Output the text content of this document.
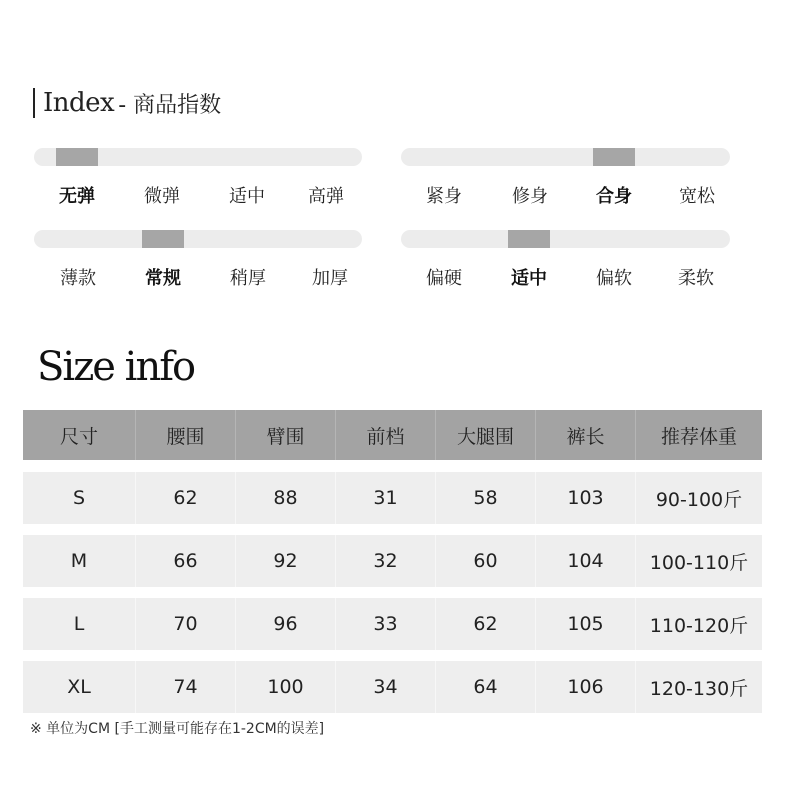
Index - 商品指数
无弹	微弹	适中 高弹	紧身	修身	合身	宽松
薄款	常规	稍厚	加厚	偏硬	适中	偏软	柔软
Size info
尺寸	腰围	臂围	前档	大腿围	裤长	推荐体重
S	62	88	31	58	103	90-100斤
M	66	92	32	60	104	100-110斤
L	70	96	33	62	105	110-120斤
XL	74	100	34	64	106	120-130斤
※ 单位为CM [手工测量可能存在1-2CM的误差]
